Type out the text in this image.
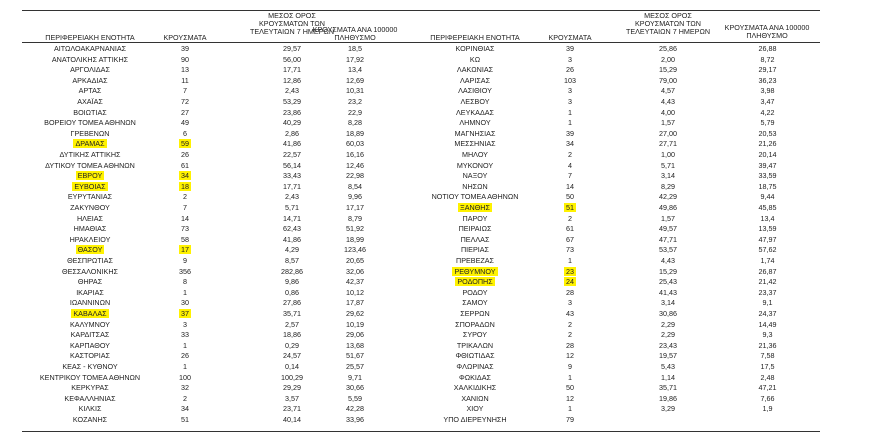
ΠΕΡΙΦΕΡΕΙΑΚΗ ΕΝΟΤΗΤΑ	ΚΡΟΥΣΜΑΤΑ
ΜΕΣΟΣ ΟΡΟΣ
ΚΡΟΥΣΜΑΤΩΝ ΤΩΝ
ΤΕΛΕΥΤΑΙΩΝ 7 ΗΜΕΡΩΝ
ΚΡΟΥΣΜΑΤΑ ΑΝΑ 100000
ΠΛΗΘΥΣΜΟ	ΠΕΡΙΦΕΡΕΙΑΚΗ ΕΝΟΤΗΤΑ	ΚΡΟΥΣΜΑΤΑ
ΜΕΣΟΣ ΟΡΟΣ
ΚΡΟΥΣΜΑΤΩΝ ΤΩΝ
ΤΕΛΕΥΤΑΙΩΝ 7 ΗΜΕΡΩΝ	ΚΡΟΥΣΜΑΤΑ ΑΝΑ 100000
ΠΛΗΘΥΣΜΟ
ΑΙΤΩΛΟΑΚΑΡΝΑΝΙΑΣ	39	29,57	18,5
ΑΝΑΤΟΛΙΚΗΣ ΑΤΤΙΚΗΣ	90	56,00	17,92
ΑΡΓΟΛΙΔΑΣ	13	17,71	13,4
ΑΡΚΑΔΙΑΣ	11	12,86	12,69
ΑΡΤΑΣ	7	2,43	10,31
ΑΧΑΪΑΣ	72	53,29	23,2
ΒΟΙΩΤΙΑΣ	27	23,86	22,9
ΒΟΡΕΙΟΥ ΤΟΜΕΑ ΑΘΗΝΩΝ	49	40,29	8,28
ΓΡΕΒΕΝΩΝ	6	2,86	18,89
ΔΡΑΜΑΣ	59	41,86	60,03
ΔΥΤΙΚΗΣ ΑΤΤΙΚΗΣ	26	22,57	16,16
ΔΥΤΙΚΟΥ ΤΟΜΕΑ ΑΘΗΝΩΝ	61	56,14	12,46
ΕΒΡΟΥ	34	33,43	22,98
ΕΥΒΟΙΑΣ	18	17,71	8,54
ΕΥΡΥΤΑΝΙΑΣ	2	2,43	9,96
ΖΑΚΥΝΘΟΥ	7	5,71	17,17
ΗΛΕΙΑΣ	14	14,71	8,79
ΗΜΑΘΙΑΣ	73	62,43	51,92
ΗΡΑΚΛΕΙΟΥ	58	41,86	18,99
ΘΑΣΟΥ	17	4,29	123,46
ΘΕΣΠΡΩΤΙΑΣ	9	8,57	20,65
ΘΕΣΣΑΛΟΝΙΚΗΣ	356	282,86	32,06
ΘΗΡΑΣ	8	9,86	42,37
ΙΚΑΡΙΑΣ	1	0,86	10,12
ΙΩΑΝΝΙΝΩΝ	30	27,86	17,87
ΚΑΒΑΛΑΣ	37	35,71	29,62
ΚΑΛΥΜΝΟΥ	3	2,57	10,19
ΚΑΡΔΙΤΣΑΣ	33	18,86	29,06
ΚΑΡΠΑΘΟΥ	1	0,29	13,68
ΚΑΣΤΟΡΙΑΣ	26	24,57	51,67
ΚΕΑΣ - ΚΥΘΝΟΥ	1	0,14	25,57
ΚΕΝΤΡΙΚΟΥ ΤΟΜΕΑ ΑΘΗΝΩΝ	100	100,29	9,71
ΚΕΡΚΥΡΑΣ	32	29,29	30,66
ΚΕΦΑΛΛΗΝΙΑΣ	2	3,57	5,59
ΚΙΛΚΙΣ	34	23,71	42,28
ΚΟΖΑΝΗΣ	51	40,14	33,96
ΚΟΡΙΝΘΙΑΣ	39	25,86	26,88
ΚΩ	3	2,00	8,72
ΛΑΚΩΝΙΑΣ	26	15,29	29,17
ΛΑΡΙΣΑΣ	103	79,00	36,23
ΛΑΣΙΘΙΟΥ	3	4,57	3,98
ΛΕΣΒΟΥ	3	4,43	3,47
ΛΕΥΚΑΔΑΣ	1	4,00	4,22
ΛΗΜΝΟΥ	1	1,57	5,79
ΜΑΓΝΗΣΙΑΣ	39	27,00	20,53
ΜΕΣΣΗΝΙΑΣ	34	27,71	21,26
ΜΗΛΟΥ	2	1,00	20,14
ΜΥΚΟΝΟΥ	4	5,71	39,47
ΝΑΞΟΥ	7	3,14	33,59
ΝΗΣΩΝ	14	8,29	18,75
ΝΟΤΙΟΥ ΤΟΜΕΑ ΑΘΗΝΩΝ	50	42,29	9,44
ΞΑΝΘΗΣ	51	49,86	45,85
ΠΑΡΟΥ	2	1,57	13,4
ΠΕΙΡΑΙΩΣ	61	49,57	13,59
ΠΕΛΛΑΣ	67	47,71	47,97
ΠΙΕΡΙΑΣ	73	53,57	57,62
ΠΡΕΒΕΖΑΣ	1	4,43	1,74
ΡΕΘΥΜΝΟΥ	23	15,29	26,87
ΡΟΔΟΠΗΣ	24	25,43	21,42
ΡΟΔΟΥ	28	41,43	23,37
ΣΑΜΟΥ	3	3,14	9,1
ΣΕΡΡΩΝ	43	30,86	24,37
ΣΠΟΡΑΔΩΝ	2	2,29	14,49
ΣΥΡΟΥ	2	2,29	9,3
ΤΡΙΚΑΛΩΝ	28	23,43	21,36
ΦΘΙΩΤΙΔΑΣ	12	19,57	7,58
ΦΛΩΡΙΝΑΣ	9	5,43	17,5
ΦΩΚΙΔΑΣ	1	1,14	2,48
ΧΑΛΚΙΔΙΚΗΣ	50	35,71	47,21
ΧΑΝΙΩΝ	12	19,86	7,66
ΧΙΟΥ	1	3,29	1,9
ΥΠΟ ΔΙΕΡΕΥΝΗΣΗ	79
